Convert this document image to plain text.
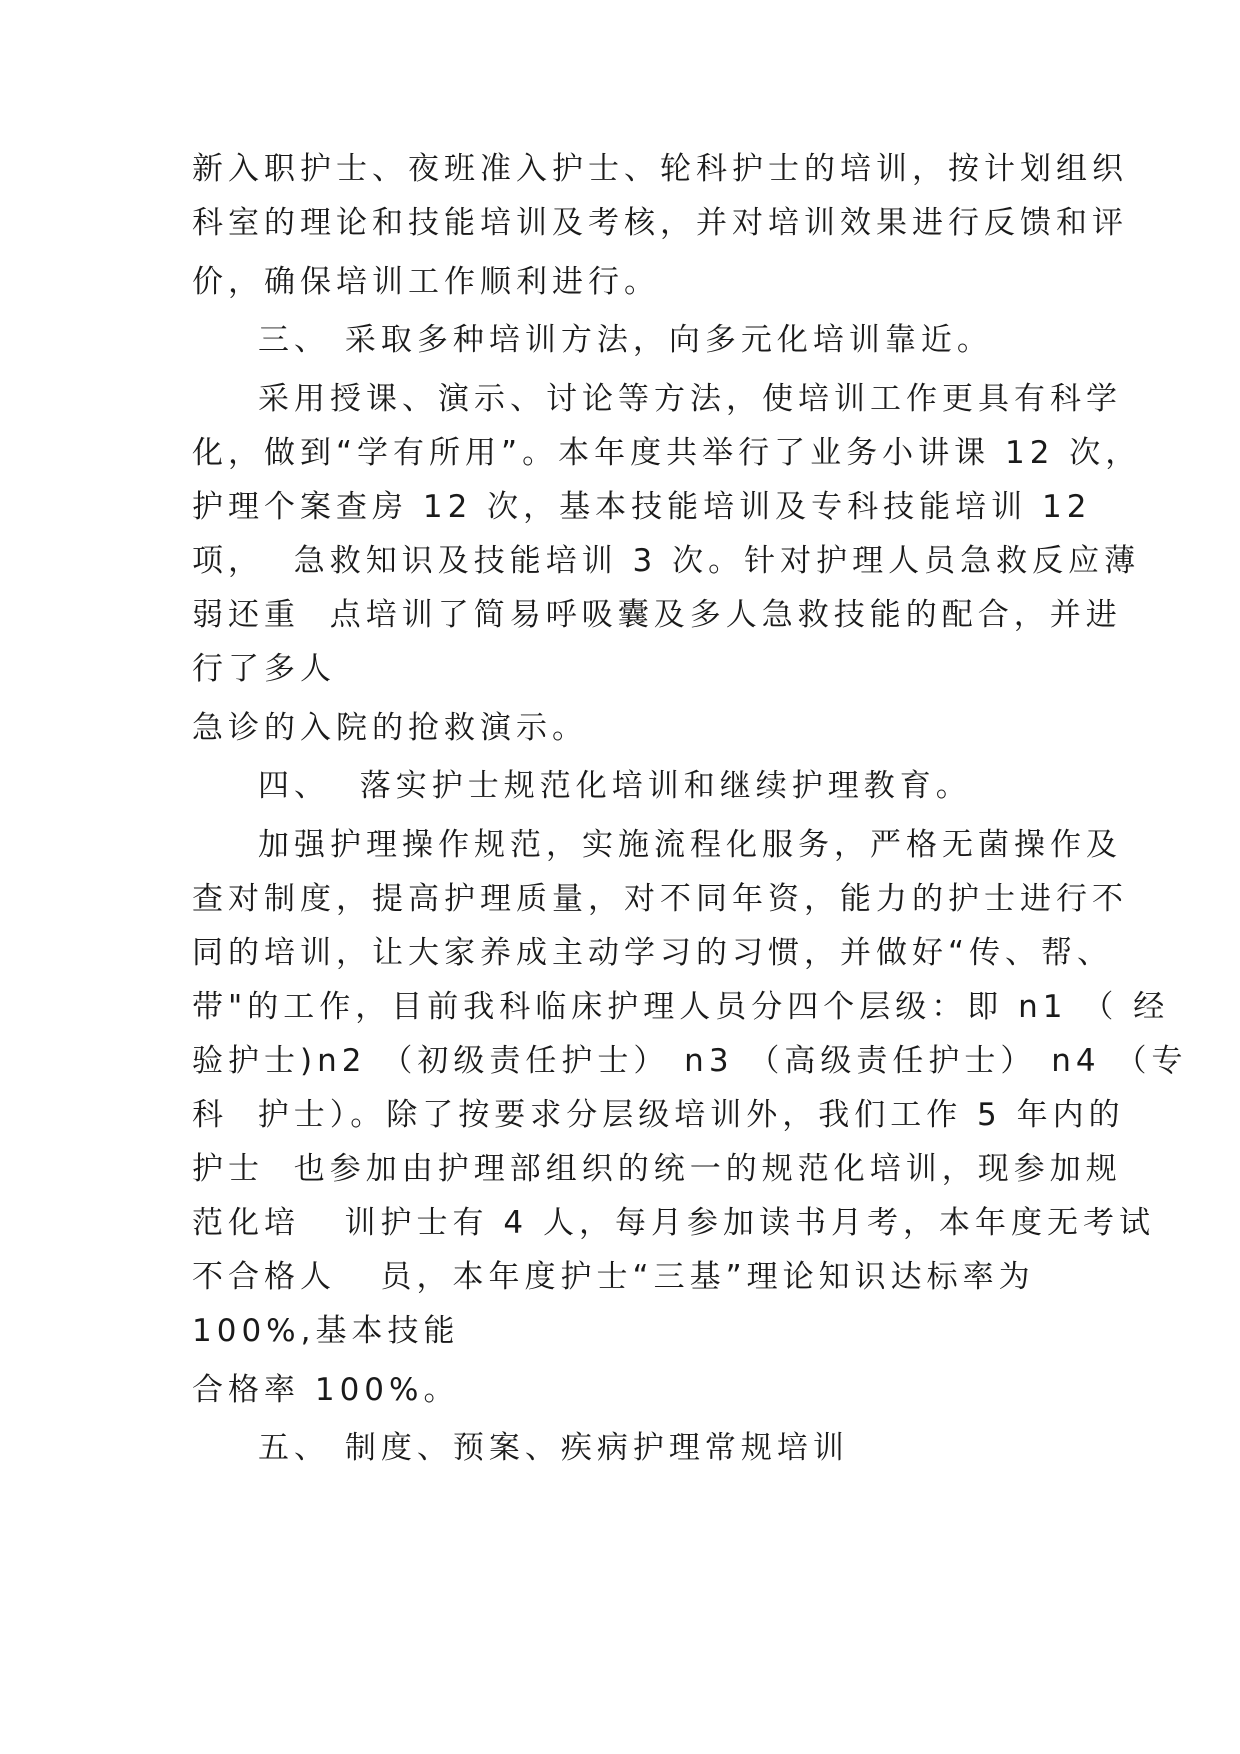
新入职护士、夜班准入护士、轮科护士的培训，按计划组织
科室的理论和技能培训及考核，并对培训效果进行反馈和评
价，确保培训工作顺利进行。
三、 采取多种培训方法，向多元化培训靠近。
采用授课、演示、讨论等方法，使培训工作更具有科学
化，做到“学有所用”。本年度共举行了业务小讲课 12 次，
护理个案查房 12 次，基本技能培训及专科技能培训 12
项，  急救知识及技能培训 3 次。针对护理人员急救反应薄
弱还重  点培训了简易呼吸囊及多人急救技能的配合，并进
行了多人
急诊的入院的抢救演示。
四、  落实护士规范化培训和继续护理教育。
加强护理操作规范，实施流程化服务，严格无菌操作及
查对制度，提高护理质量，对不同年资，能力的护士进行不
同的培训，让大家养成主动学习的习惯，并做好“传、帮、
带"的工作，目前我科临床护理人员分四个层级：即 n1 （ 经
验护士)n2 （初级责任护士） n3 （高级责任护士） n4 （专
科  护士）。除了按要求分层级培训外，我们工作 5 年内的
护士  也参加由护理部组织的统一的规范化培训，现参加规
范化培   训护士有 4 人，每月参加读书月考，本年度无考试
不合格人   员，本年度护士“三基”理论知识达标率为
100%,基本技能
合格率 100%。
五、 制度、预案、疾病护理常规培训
